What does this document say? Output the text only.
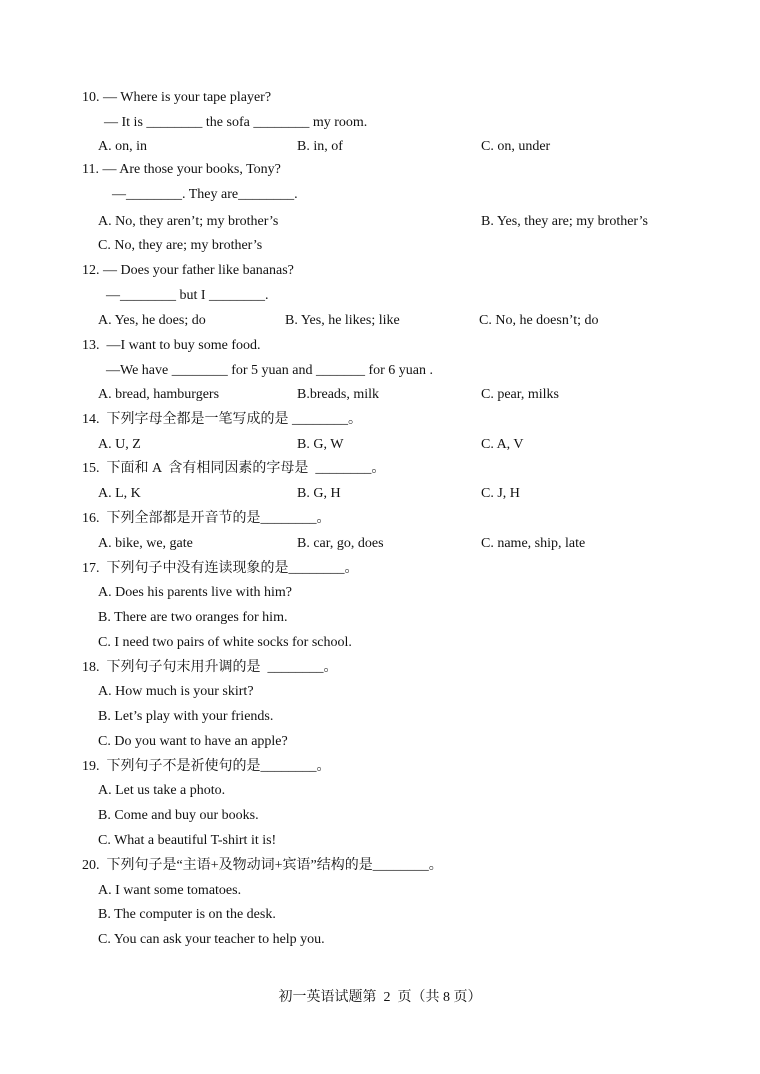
10. — Where is your tape player?
— It is ________ the sofa ________ my room.
A. on, in	B. in, of	C. on, under
11. — Are those your books, Tony?
—________. They are________.
A. No, they aren’t; my brother’s	B. Yes, they are; my brother’s
C. No, they are; my brother’s
12. — Does your father like bananas?
—________ but I ________.
A. Yes, he does; do	B. Yes, he likes; like	C. No, he doesn’t; do
13.  —I want to buy some food.
—We have ________ for 5 yuan and _______ for 6 yuan .
A. bread, hamburgers	B.breads, milk	C. pear, milks
14.  下列字母全都是一笔写成的是 ________。
A. U, Z	B. G, W	C. A, V
15.  下面和 A  含有相同因素的字母是  ________。
A. L, K	B. G, H	C. J, H
16.  下列全部都是开音节的是________。
A. bike, we, gate	B. car, go, does	C. name, ship, late
17.  下列句子中没有连读现象的是________。
A. Does his parents live with him?
B. There are two oranges for him.
C. I need two pairs of white socks for school.
18.  下列句子句末用升调的是  ________。
A. How much is your skirt?
B. Let’s play with your friends.
C. Do you want to have an apple?
19.  下列句子不是祈使句的是________。
A. Let us take a photo.
B. Come and buy our books.
C. What a beautiful T-shirt it is!
20.  下列句子是“主语+及物动词+宾语”结构的是________。
A. I want some tomatoes.
B. The computer is on the desk.
C. You can ask your teacher to help you.
初一英语试题第  2  页（共 8 页）
